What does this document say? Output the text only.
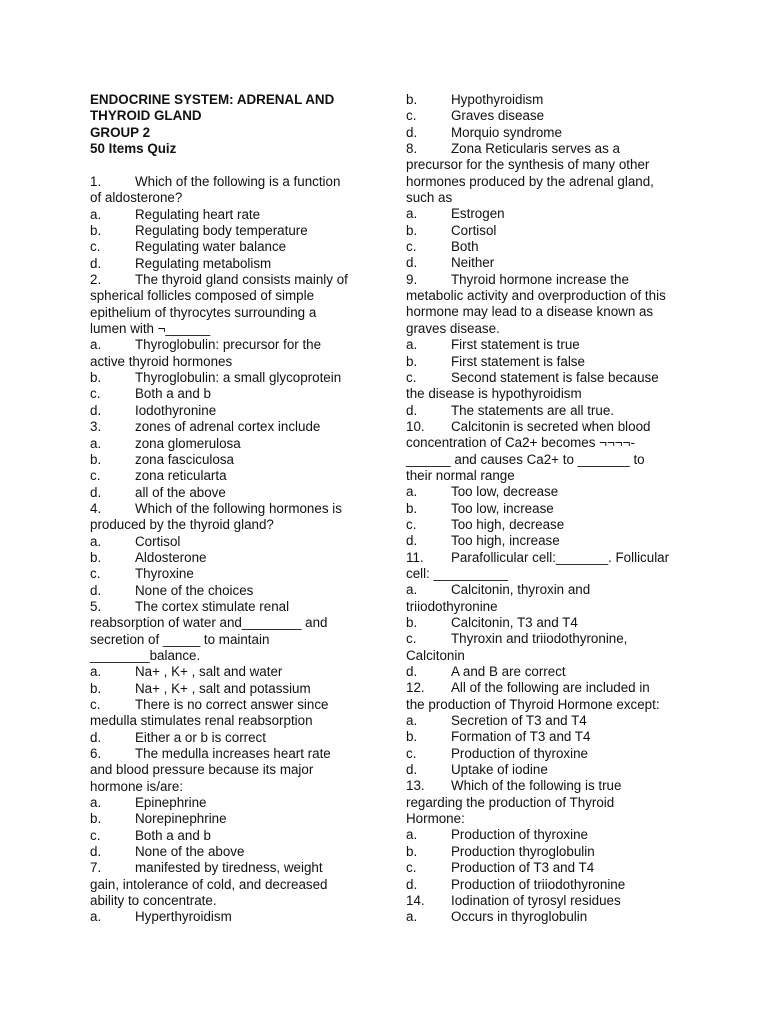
ENDOCRINE SYSTEM: ADRENAL AND
THYROID GLAND
GROUP 2
50 Items Quiz
1.	Which of the following is a function
of aldosterone?
a.	Regulating heart rate
b.	Regulating body temperature
c.	Regulating water balance
d.	Regulating metabolism
2.	The thyroid gland consists mainly of
spherical follicles composed of simple
epithelium of thyrocytes surrounding a
lumen with ¬______
a.	Thyroglobulin: precursor for the
active thyroid hormones
b.	Thyroglobulin: a small glycoprotein
c.	Both a and b
d.	Iodothyronine
3.	zones of adrenal cortex include
a.	zona glomerulosa
b.	zona fasciculosa
c.	zona reticularta
d.	all of the above
4.	Which of the following hormones is
produced by the thyroid gland?
a.	Cortisol
b.	Aldosterone
c.	Thyroxine
d.	None of the choices
5.	The cortex stimulate renal
reabsorption of water and________ and
secretion of _____ to maintain
________balance.
a.	Na+ , K+ , salt and water
b.	Na+ , K+ , salt and potassium
c.	There is no correct answer since
medulla stimulates renal reabsorption
d.	Either a or b is correct
6.	The medulla increases heart rate
and blood pressure because its major
hormone is/are:
a.	Epinephrine
b.	Norepinephrine
c.	Both a and b
d.	None of the above
7.	manifested by tiredness, weight
gain, intolerance of cold, and decreased
ability to concentrate.
a.	Hyperthyroidism
b.	Hypothyroidism
c.	Graves disease
d.	Morquio syndrome
8.	Zona Reticularis serves as a
precursor for the synthesis of many other
hormones produced by the adrenal gland,
such as
a.	Estrogen
b.	Cortisol
c.	Both
d.	Neither
9.	Thyroid hormone increase the
metabolic activity and overproduction of this
hormone may lead to a disease known as
graves disease.
a.	First statement is true
b.	First statement is false
c.	Second statement is false because
the disease is hypothyroidism
d.	The statements are all true.
10. Calcitonin is secreted when blood
concentration of Ca2+ becomes ¬¬¬¬-
______ and causes Ca2+ to _______ to
their normal range
a.	Too low, decrease
b.	Too low, increase
c.	Too high, decrease
d.	Too high, increase
11. Parafollicular cell:_______. Follicular
cell: __________
a.	Calcitonin, thyroxin and
triiodothyronine
b.	Calcitonin, T3 and T4
c.	Thyroxin and triiodothyronine,
Calcitonin
d.	A and B are correct
12. All of the following are included in
the production of Thyroid Hormone except:
a.	Secretion of T3 and T4
b.	Formation of T3 and T4
c.	Production of thyroxine
d.	Uptake of iodine
13. Which of the following is true
regarding the production of Thyroid
Hormone:
a.	Production of thyroxine
b.	Production thyroglobulin
c.	Production of T3 and T4
d.	Production of triiodothyronine
14. Iodination of tyrosyl residues
a.	Occurs in thyroglobulin
